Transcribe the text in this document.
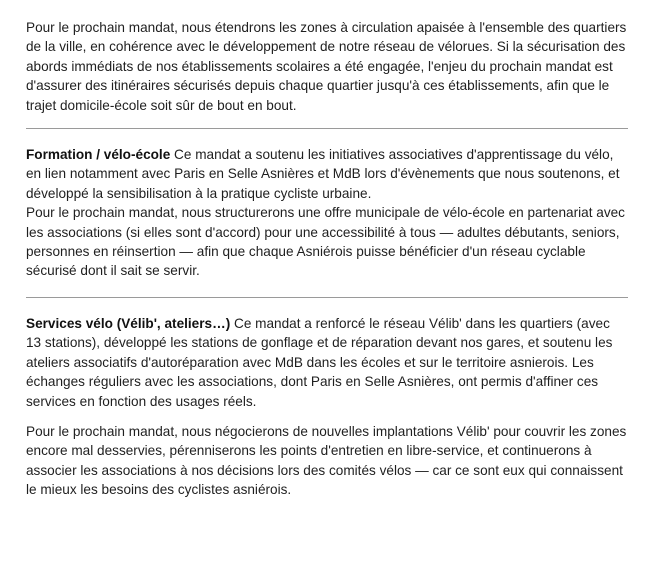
Pour le prochain mandat, nous étendrons les zones à circulation apaisée à l'ensemble des quartiers de la ville, en cohérence avec le développement de notre réseau de vélorues. Si la sécurisation des abords immédiats de nos établissements scolaires a été engagée, l'enjeu du prochain mandat est d'assurer des itinéraires sécurisés depuis chaque quartier jusqu'à ces établissements, afin que le trajet domicile-école soit sûr de bout en bout.

Formation / vélo-école Ce mandat a soutenu les initiatives associatives d'apprentissage du vélo, en lien notamment avec Paris en Selle Asnières et MdB lors d'évènements que nous soutenons, et développé la sensibilisation à la pratique cycliste urbaine.

Pour le prochain mandat, nous structurerons une offre municipale de vélo-école en partenariat avec les associations (si elles sont d'accord) pour une accessibilité à tous — adultes débutants, seniors, personnes en réinsertion — afin que chaque Asniérois puisse bénéficier d'un réseau cyclable sécurisé dont il sait se servir.

Services vélo (Vélib', ateliers…) Ce mandat a renforcé le réseau Vélib' dans les quartiers (avec 13 stations), développé les stations de gonflage et de réparation devant nos gares, et soutenu les ateliers associatifs d'autoréparation avec MdB dans les écoles et sur le territoire asnierois. Les échanges réguliers avec les associations, dont Paris en Selle Asnières, ont permis d'affiner ces services en fonction des usages réels.

Pour le prochain mandat, nous négocierons de nouvelles implantations Vélib' pour couvrir les zones encore mal desservies, pérenniserons les points d'entretien en libre-service, et continuerons à associer les associations à nos décisions lors des comités vélos — car ce sont eux qui connaissent le mieux les besoins des cyclistes asniérois.
